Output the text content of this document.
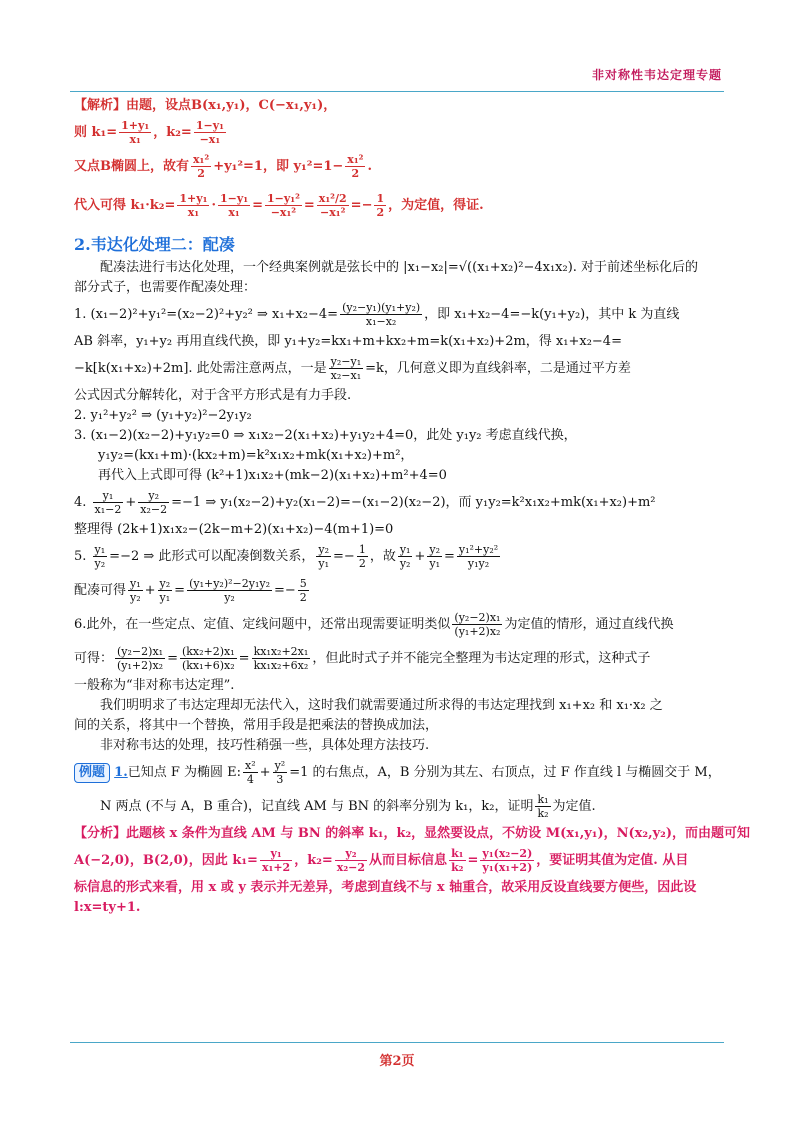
非对称性韦达定理专题
【解析】由题，设点B(x₁,y₁)，C(−x₁,y₁)，
则 $k_1= \frac{\text{1+y₁}}{\text{x₁}}$ ，$k_2= \frac{\text{1−y₁}}{\text{−x₁}}$
又点B椭圆上，故有 $\frac{\text{x₁²}}{2} +y_1^2=1$，即 $y_1^2=1- \frac{\text{x₁²}}{2}$ .
代入可得 $k_1\cdot k_2= \frac{\text{1+y₁}}{\text{x₁}} \cdot \frac{\text{1−y₁}}{\text{x₁}} = \frac{\text{1−y₁²}}{\text{−x₁²}} = \frac{\text{x₁²/2}}{\text{−x₁²}} =- \frac{1}{2}$ ，为定值，得证.
2.韦达化处理二：配凑
配凑法进行韦达化处理，一个经典案例就是弦长中的 |x₁−x₂|=√((x₁+x₂)²−4x₁x₂). 对于前述坐标化后的
部分式子，也需要作配凑处理：
1. (x₁−2)²+y₁²=(x₂−2)²+y₂² ⇒ $x_1+x_2-4= \frac{\text{(y₂−y₁)(y₁+y₂)}}{\text{x₁−x₂}}$ ，即 x₁+x₂−4=−k(y₁+y₂)，其中 k 为直线
AB 斜率，y₁+y₂ 再用直线代换，即 y₁+y₂=kx₁+m+kx₂+m=k(x₁+x₂)+2m，得 x₁+x₂−4=
−k[k(x₁+x₂)+2m]. 此处需注意两点，一是 $\frac{\text{y₂−y₁}}{\text{x₂−x₁}} =k$，几何意义即为直线斜率，二是通过平方差
公式因式分解转化，对于含平方形式是有力手段.
2. y₁²+y₂² ⇒ (y₁+y₂)²−2y₁y₂
3. (x₁−2)(x₂−2)+y₁y₂=0 ⇒ x₁x₂−2(x₁+x₂)+y₁y₂+4=0，此处 y₁y₂ 考虑直线代换，
y₁y₂=(kx₁+m)·(kx₂+m)=k²x₁x₂+mk(x₁+x₂)+m²，
再代入上式即可得 (k²+1)x₁x₂+(mk−2)(x₁+x₂)+m²+4=0
4. $\frac{\text{y₁}}{\text{x₁−2}} + \frac{\text{y₂}}{\text{x₂−2}} =-1$ ⇒ y₁(x₂−2)+y₂(x₁−2)=−(x₁−2)(x₂−2)，而 y₁y₂=k²x₁x₂+mk(x₁+x₂)+m²
整理得 (2k+1)x₁x₂−(2k−m+2)(x₁+x₂)−4(m+1)=0
5. $\frac{\text{y₁}}{\text{y₂}} =-2$ ⇒ 此形式可以配凑倒数关系， $\frac{\text{y₂}}{\text{y₁}} =- \frac{1}{2}$ ，故 $\frac{\text{y₁}}{\text{y₂}} + \frac{\text{y₂}}{\text{y₁}} = \frac{\text{y₁²+y₂²}}{\text{y₁y₂}}$
配凑可得 $\frac{\text{y₁}}{\text{y₂}} + \frac{\text{y₂}}{\text{y₁}} = \frac{\text{(y₁+y₂)²−2y₁y₂}}{\text{y₂}} =- \frac{5}{2}$
6.此外，在一些定点、定值、定线问题中，还常出现需要证明类似 $\frac{\text{(y₂−2)x₁}}{\text{(y₁+2)x₂}}$ 为定值的情形，通过直线代换
可得： $\frac{\text{(y₂−2)x₁}}{\text{(y₁+2)x₂}} = \frac{\text{(kx₂+2)x₁}}{\text{(kx₁+6)x₂}} = \frac{\text{kx₁x₂+2x₁}}{\text{kx₁x₂+6x₂}}$ ，但此时式子并不能完全整理为韦达定理的形式，这种式子
一般称为“非对称韦达定理”.
我们明明求了韦达定理却无法代入，这时我们就需要通过所求得的韦达定理找到 x₁+x₂ 和 x₁·x₂ 之
间的关系，将其中一个替换，常用手段是把乘法的替换成加法，
非对称韦达的处理，技巧性稍强一些，具体处理方法技巧.
例题 1.已知点 F 为椭圆 E: $\frac{\text{x²}}{4} + \frac{\text{y²}}{3} =1$ 的右焦点，A，B 分别为其左、右顶点，过 F 作直线 l 与椭圆交于 M，
N 两点 (不与 A，B 重合)，记直线 AM 与 BN 的斜率分别为 k₁，k₂，证明 $\frac{\text{k₁}}{\text{k₂}}$ 为定值.
【分析】此题核 x 条件为直线 AM 与 BN 的斜率 k₁，k₂，显然要设点，不妨设 M(x₁,y₁)，N(x₂,y₂)，而由题可知
A(−2,0)，B(2,0)，因此 $k_1= \frac{\text{y₁}}{\text{x₁+2}}$ ，$k_2= \frac{\text{y₂}}{\text{x₂−2}}$ 从而目标信息 $\frac{\text{k₁}}{\text{k₂}} = \frac{\text{y₁(x₂−2)}}{\text{y₁(x₁+2)}}$ ，要证明其值为定值. 从目
标信息的形式来看，用 x 或 y 表示并无差异，考虑到直线不与 x 轴重合，故采用反设直线要方便些，因此设
l:x=ty+1.
第2页
